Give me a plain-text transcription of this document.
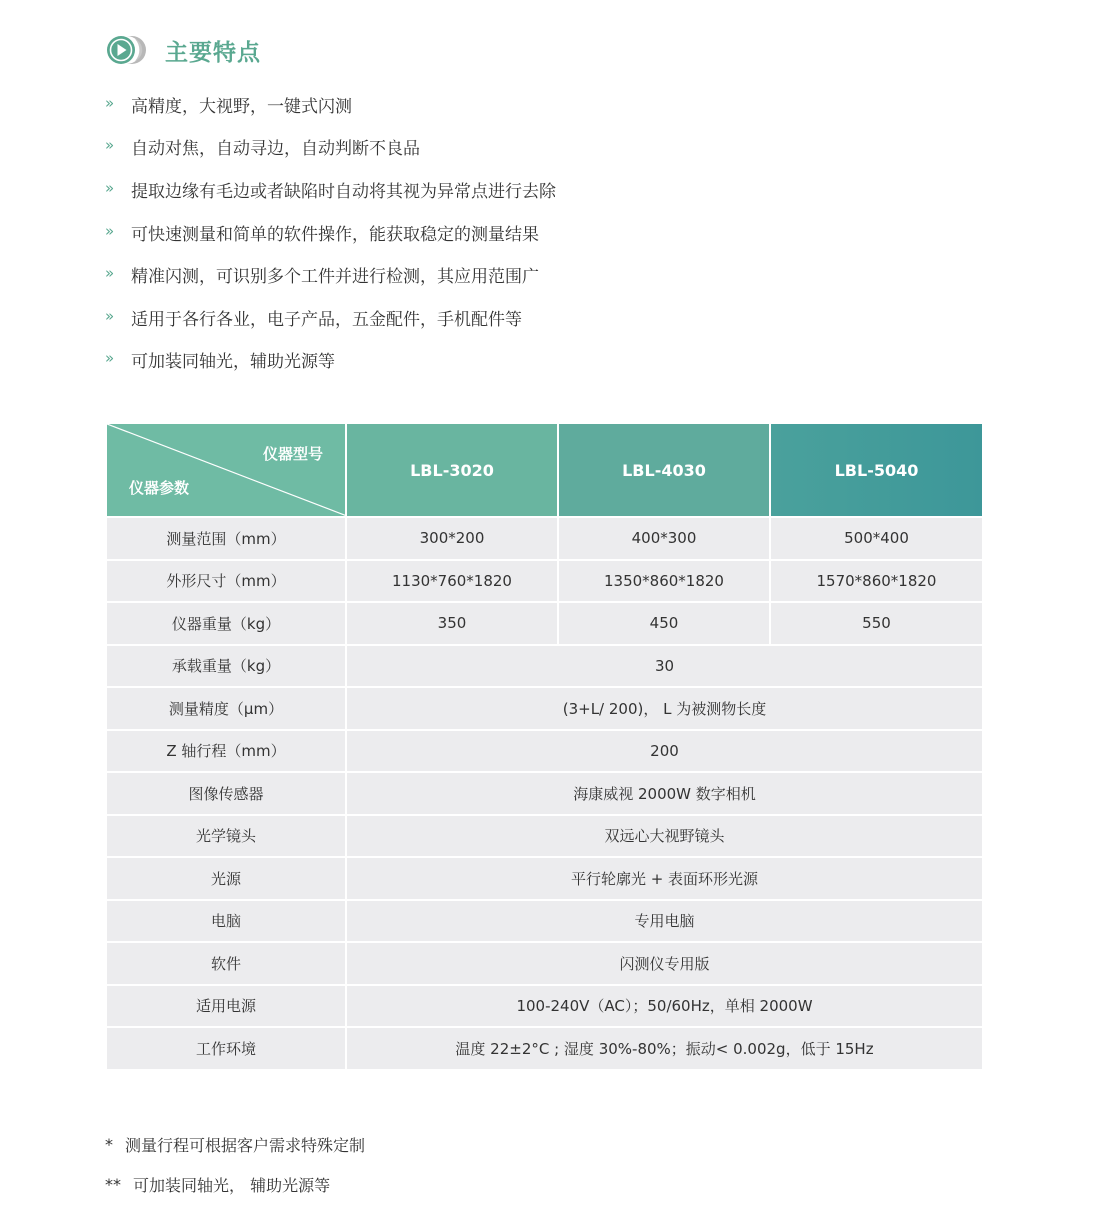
主要特点
» 高精度，大视野，一键式闪测
» 自动对焦，自动寻边，自动判断不良品
» 提取边缘有毛边或者缺陷时自动将其视为异常点进行去除
» 可快速测量和简单的软件操作，能获取稳定的测量结果
» 精准闪测，可识别多个工件并进行检测，其应用范围广
» 适用于各行各业，电子产品，五金配件，手机配件等
» 可加装同轴光，辅助光源等
仪器型号
仪器参数	LBL-3020	LBL-4030	LBL-5040
测量范围（mm）	300*200	400*300	500*400
外形尺寸（mm）	1130*760*1820	1350*860*1820	1570*860*1820
仪器重量（kg）	350	450	550
承载重量（kg）	30		
测量精度（μm）	(3+L/ 200)， L 为被测物长度		
Z 轴行程（mm）	200		
图像传感器	海康威视 2000W 数字相机		
光学镜头	双远心大视野镜头		
光源	平行轮廓光 + 表面环形光源		
电脑	专用电脑		
软件	闪测仪专用版		
适用电源	100-240V（AC）；50/60Hz，单相 2000W		
工作环境	温度 22±2°C ; 湿度 30%-80%；振动< 0.002g，低于 15Hz		
* 测量行程可根据客户需求特殊定制
** 可加装同轴光， 辅助光源等
